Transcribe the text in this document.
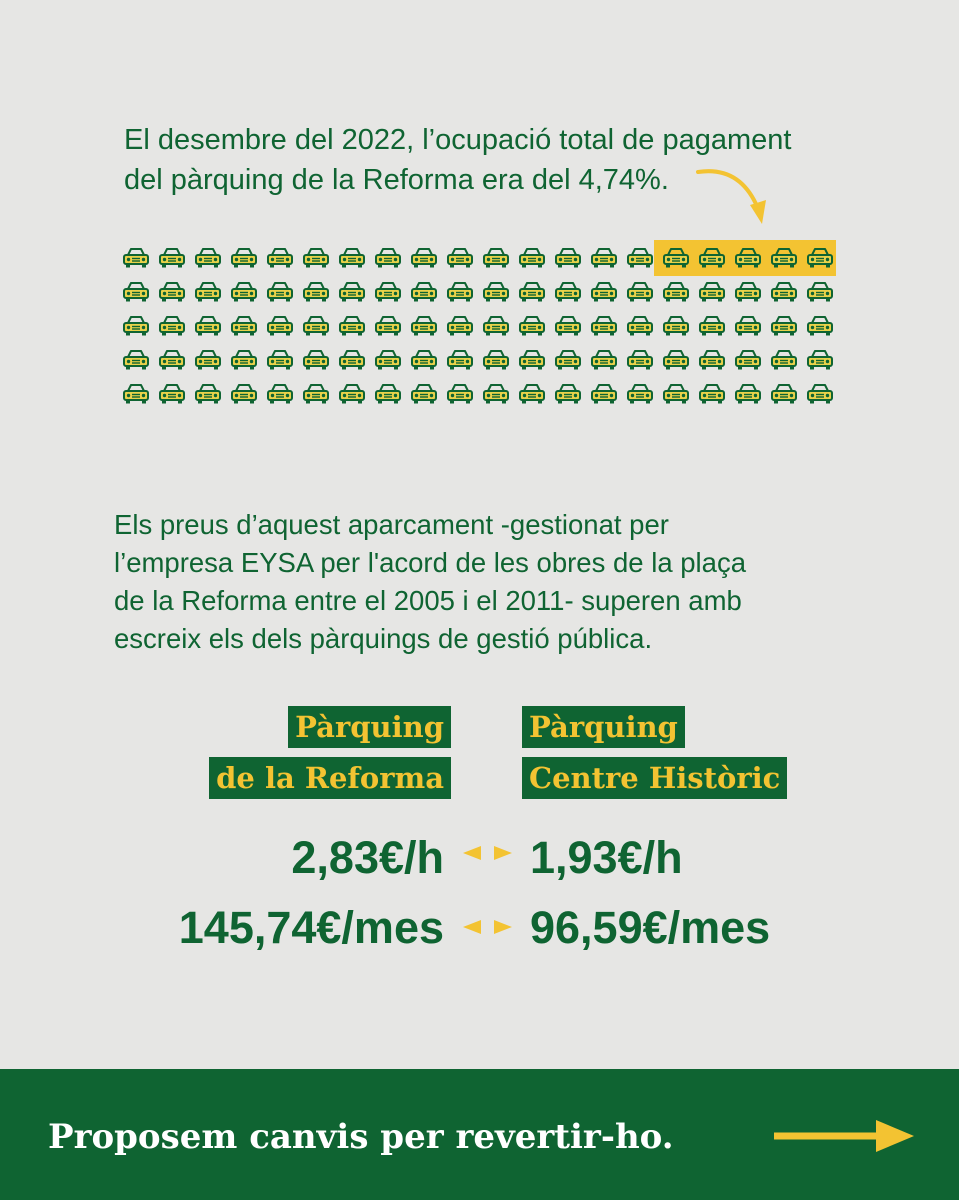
El desembre del 2022, l’ocupació total de pagament
del pàrquing de la Reforma era del 4,74%.

Els preus d’aquest aparcament -gestionat per
l’empresa EYSA per l'acord de les obres de la plaça
de la Reforma entre el 2005 i el 2011- superen amb
escreix els dels pàrquings de gestió pública.

Pàrquing
de la Reforma
Pàrquing
Centre Històric
2,83€/h 1,93€/h
145,74€/mes 96,59€/mes

Proposem canvis per revertir-ho.
